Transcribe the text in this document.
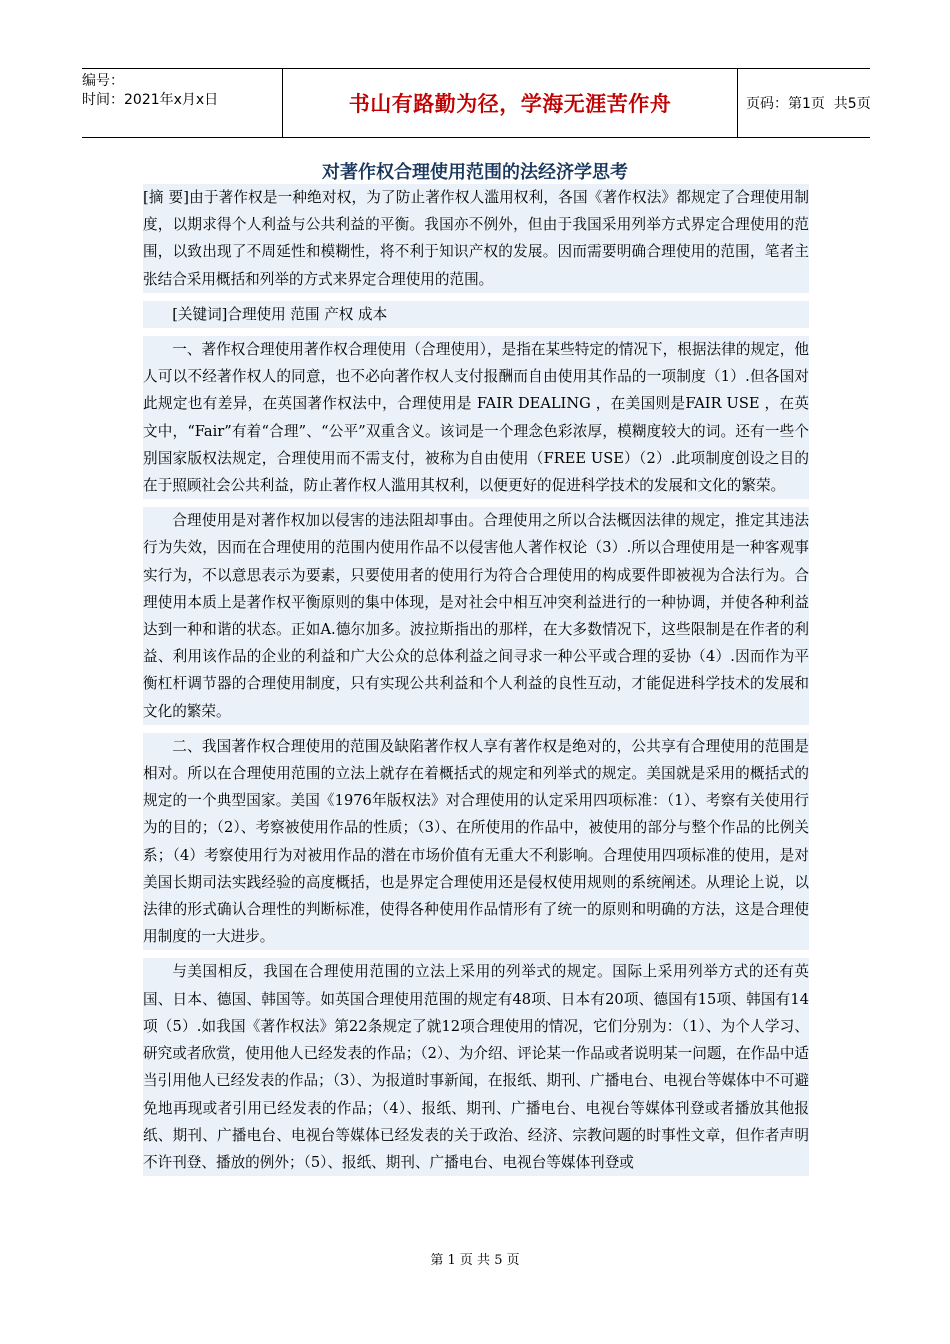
编号：
时间：2021年x月x日	书山有路勤为径，学海无涯苦作舟	页码：第1页  共5页
对著作权合理使用范围的法经济学思考

[摘 要]由于著作权是一种绝对权，为了防止著作权人滥用权利，各国《著作权法》都规定了合理使用制度，以期求得个人利益与公共利益的平衡。我国亦不例外，但由于我国采用列举方式界定合理使用的范围，以致出现了不周延性和模糊性，将不利于知识产权的发展。因而需要明确合理使用的范围，笔者主张结合采用概括和列举的方式来界定合理使用的范围。

[关键词]合理使用 范围 产权 成本

一、著作权合理使用著作权合理使用（合理使用），是指在某些特定的情况下，根据法律的规定，他人可以不经著作权人的同意，也不必向著作权人支付报酬而自由使用其作品的一项制度（1）.但各国对此规定也有差异，在英国著作权法中，合理使用是 FAIR DEALING ，在美国则是FAIR USE ，在英文中，“Fair”有着“合理”、“公平”双重含义。该词是一个理念色彩浓厚，模糊度较大的词。还有一些个别国家版权法规定，合理使用而不需支付，被称为自由使用（FREE USE）（2）.此项制度创设之目的在于照顾社会公共利益，防止著作权人滥用其权利，以便更好的促进科学技术的发展和文化的繁荣。

合理使用是对著作权加以侵害的违法阻却事由。合理使用之所以合法概因法律的规定，推定其违法行为失效，因而在合理使用的范围内使用作品不以侵害他人著作权论（3）.所以合理使用是一种客观事实行为，不以意思表示为要素，只要使用者的使用行为符合合理使用的构成要件即被视为合法行为。合理使用本质上是著作权平衡原则的集中体现，是对社会中相互冲突利益进行的一种协调，并使各种利益达到一种和谐的状态。正如A.德尔加多。波拉斯指出的那样，在大多数情况下，这些限制是在作者的利益、利用该作品的企业的利益和广大公众的总体利益之间寻求一种公平或合理的妥协（4）.因而作为平衡杠杆调节器的合理使用制度，只有实现公共利益和个人利益的良性互动，才能促进科学技术的发展和文化的繁荣。

二、我国著作权合理使用的范围及缺陷著作权人享有著作权是绝对的，公共享有合理使用的范围是相对。所以在合理使用范围的立法上就存在着概括式的规定和列举式的规定。美国就是采用的概括式的规定的一个典型国家。美国《1976年版权法》对合理使用的认定采用四项标准：（1）、考察有关使用行为的目的；（2）、考察被使用作品的性质；（3）、在所使用的作品中，被使用的部分与整个作品的比例关系；（4）考察使用行为对被用作品的潜在市场价值有无重大不利影响。合理使用四项标准的使用，是对美国长期司法实践经验的高度概括，也是界定合理使用还是侵权使用规则的系统阐述。从理论上说，以法律的形式确认合理性的判断标准，使得各种使用作品情形有了统一的原则和明确的方法，这是合理使用制度的一大进步。

与美国相反，我国在合理使用范围的立法上采用的列举式的规定。国际上采用列举方式的还有英国、日本、德国、韩国等。如英国合理使用范围的规定有48项、日本有20项、德国有15项、韩国有14项（5）.如我国《著作权法》第22条规定了就12项合理使用的情况，它们分别为：（1）、为个人学习、研究或者欣赏，使用他人已经发表的作品；（2）、为介绍、评论某一作品或者说明某一问题，在作品中适当引用他人已经发表的作品；（3）、为报道时事新闻，在报纸、期刊、广播电台、电视台等媒体中不可避免地再现或者引用已经发表的作品；（4）、报纸、期刊、广播电台、电视台等媒体刊登或者播放其他报纸、期刊、广播电台、电视台等媒体已经发表的关于政治、经济、宗教问题的时事性文章，但作者声明不许刊登、播放的例外；（5）、报纸、期刊、广播电台、电视台等媒体刊登或

第 1 页 共 5 页
